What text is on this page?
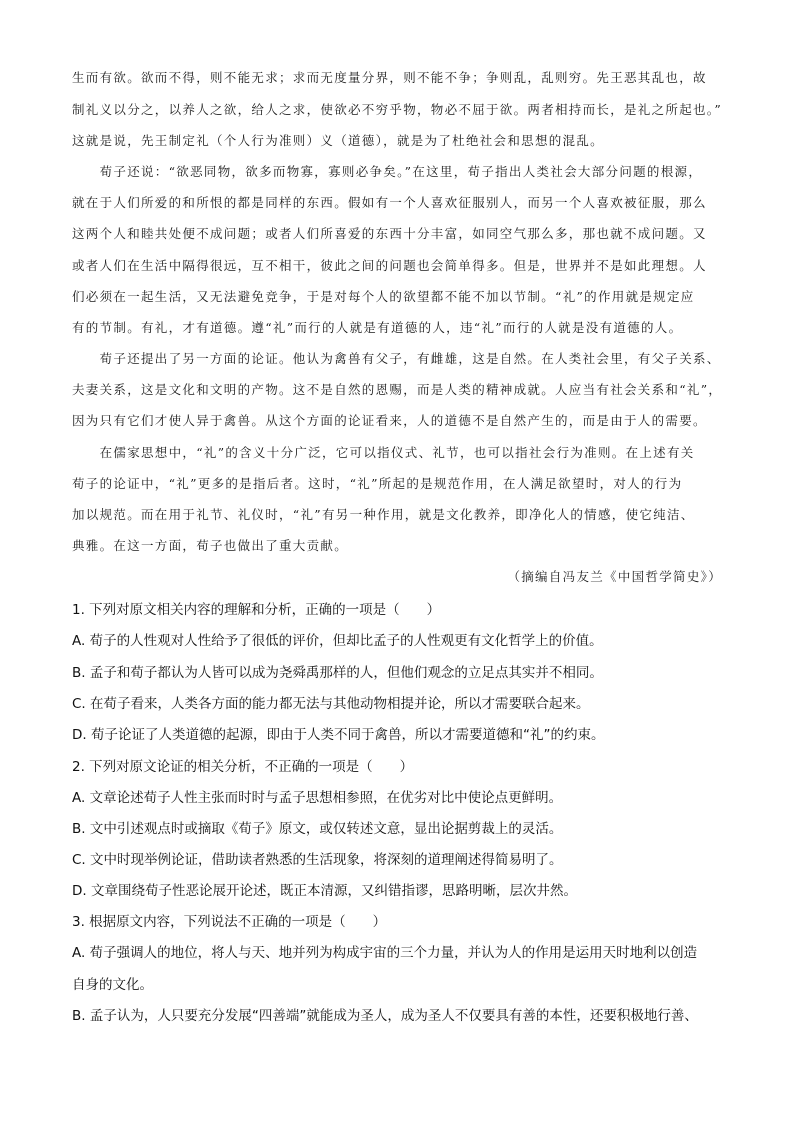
生而有欲。欲而不得，则不能无求；求而无度量分界，则不能不争；争则乱，乱则穷。先王恶其乱也，故
制礼义以分之，以养人之欲，给人之求，使欲必不穷乎物，物必不屈于欲。两者相持而长，是礼之所起也。”
这就是说，先王制定礼（个人行为准则）义（道德），就是为了杜绝社会和思想的混乱。
　　荀子还说：“欲恶同物，欲多而物寡，寡则必争矣。”在这里，荀子指出人类社会大部分问题的根源，
就在于人们所爱的和所恨的都是同样的东西。假如有一个人喜欢征服别人，而另一个人喜欢被征服，那么
这两个人和睦共处便不成问题；或者人们所喜爱的东西十分丰富，如同空气那么多，那也就不成问题。又
或者人们在生活中隔得很远，互不相干，彼此之间的问题也会简单得多。但是，世界并不是如此理想。人
们必须在一起生活，又无法避免竞争，于是对每个人的欲望都不能不加以节制。“礼”的作用就是规定应
有的节制。有礼，才有道德。遵“礼”而行的人就是有道德的人，违“礼”而行的人就是没有道德的人。
　　荀子还提出了另一方面的论证。他认为禽兽有父子，有雌雄，这是自然。在人类社会里，有父子关系、
夫妻关系，这是文化和文明的产物。这不是自然的恩赐，而是人类的精神成就。人应当有社会关系和“礼”，
因为只有它们才使人异于禽兽。从这个方面的论证看来，人的道德不是自然产生的，而是由于人的需要。
　　在儒家思想中，“礼”的含义十分广泛，它可以指仪式、礼节，也可以指社会行为准则。在上述有关
荀子的论证中，“礼”更多的是指后者。这时，“礼”所起的是规范作用，在人满足欲望时，对人的行为
加以规范。而在用于礼节、礼仪时，“礼”有另一种作用，就是文化教养，即净化人的情感，使它纯洁、
典雅。在这一方面，荀子也做出了重大贡献。
（摘编自冯友兰《中国哲学简史》）
1. 下列对原文相关内容的理解和分析，正确的一项是（　　）
A. 荀子的人性观对人性给予了很低的评价，但却比孟子的人性观更有文化哲学上的价值。
B. 孟子和荀子都认为人皆可以成为尧舜禹那样的人，但他们观念的立足点其实并不相同。
C. 在荀子看来，人类各方面的能力都无法与其他动物相提并论，所以才需要联合起来。
D. 荀子论证了人类道德的起源，即由于人类不同于禽兽，所以才需要道德和“礼”的约束。
2. 下列对原文论证的相关分析，不正确的一项是（　　）
A. 文章论述荀子人性主张而时时与孟子思想相参照，在优劣对比中使论点更鲜明。
B. 文中引述观点时或摘取《荀子》原文，或仅转述文意，显出论据剪裁上的灵活。
C. 文中时现举例论证，借助读者熟悉的生活现象，将深刻的道理阐述得简易明了。
D. 文章围绕荀子性恶论展开论述，既正本清源，又纠错指谬，思路明晰，层次井然。
3. 根据原文内容，下列说法不正确的一项是（　　）
A. 荀子强调人的地位，将人与天、地并列为构成宇宙的三个力量，并认为人的作用是运用天时地利以创造
自身的文化。
B. 孟子认为，人只要充分发展“四善端”就能成为圣人，成为圣人不仅要具有善的本性，还要积极地行善、
